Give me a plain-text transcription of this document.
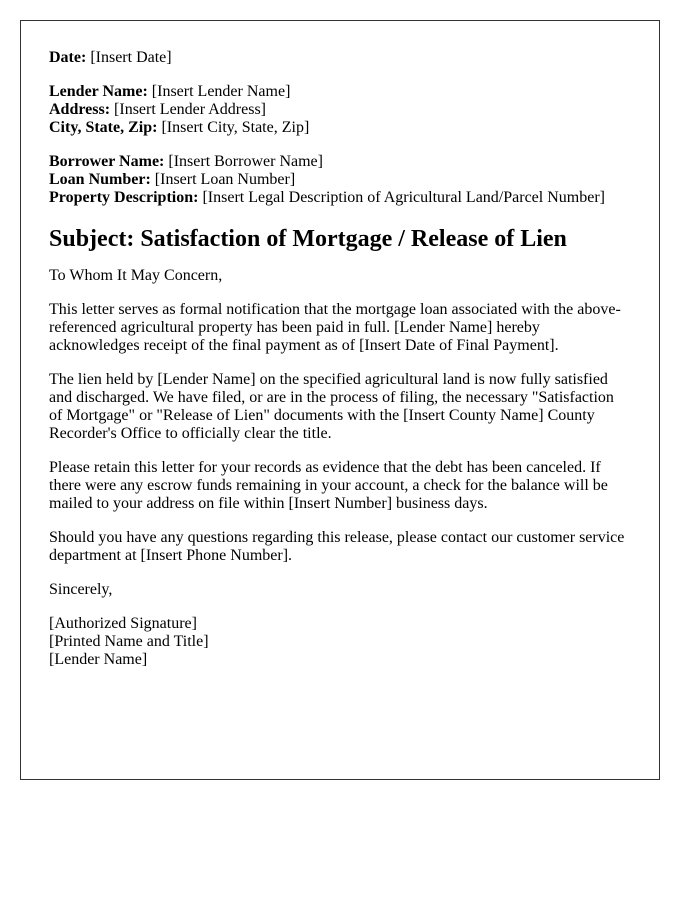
Date: [Insert Date]
Lender Name: [Insert Lender Name]
Address: [Insert Lender Address]
City, State, Zip: [Insert City, State, Zip]
Borrower Name: [Insert Borrower Name]
Loan Number: [Insert Loan Number]
Property Description: [Insert Legal Description of Agricultural Land/Parcel Number]
Subject: Satisfaction of Mortgage / Release of Lien

To Whom It May Concern,

This letter serves as formal notification that the mortgage loan associated with the above-referenced agricultural property has been paid in full. [Lender Name] hereby acknowledges receipt of the final payment as of [Insert Date of Final Payment].

The lien held by [Lender Name] on the specified agricultural land is now fully satisfied and discharged. We have filed, or are in the process of filing, the necessary "Satisfaction of Mortgage" or "Release of Lien" documents with the [Insert County Name] County Recorder's Office to officially clear the title.

Please retain this letter for your records as evidence that the debt has been canceled. If there were any escrow funds remaining in your account, a check for the balance will be mailed to your address on file within [Insert Number] business days.

Should you have any questions regarding this release, please contact our customer service department at [Insert Phone Number].

Sincerely,

[Authorized Signature]
[Printed Name and Title]
[Lender Name]
